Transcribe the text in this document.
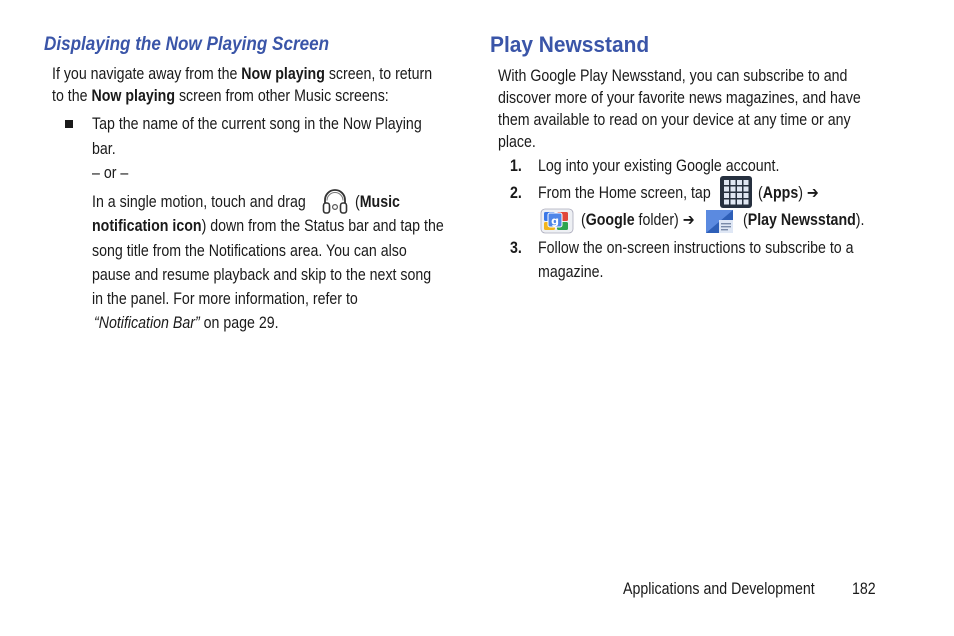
Displaying the Now Playing Screen
If you navigate away from the Now playing screen, to return
to the Now playing screen from other Music screens:
Tap the name of the current song in the Now Playing
bar.
– or –
In a single motion, touch and drag	(Music
notification icon) down from the Status bar and tap the
song title from the Notifications area. You can also
pause and resume playback and skip to the next song
in the panel. For more information, refer to
“Notification Bar” on page 29.
Play Newsstand
With Google Play Newsstand, you can subscribe to and
discover more of your favorite news magazines, and have
them available to read on your device at any time or any
place.
1. Log into your existing Google account.
2. From the Home screen, tap	(Apps) ➔
g (Google folder) ➔	(Play Newsstand).
3. Follow the on-screen instructions to subscribe to a
magazine.
Applications and Development	182
